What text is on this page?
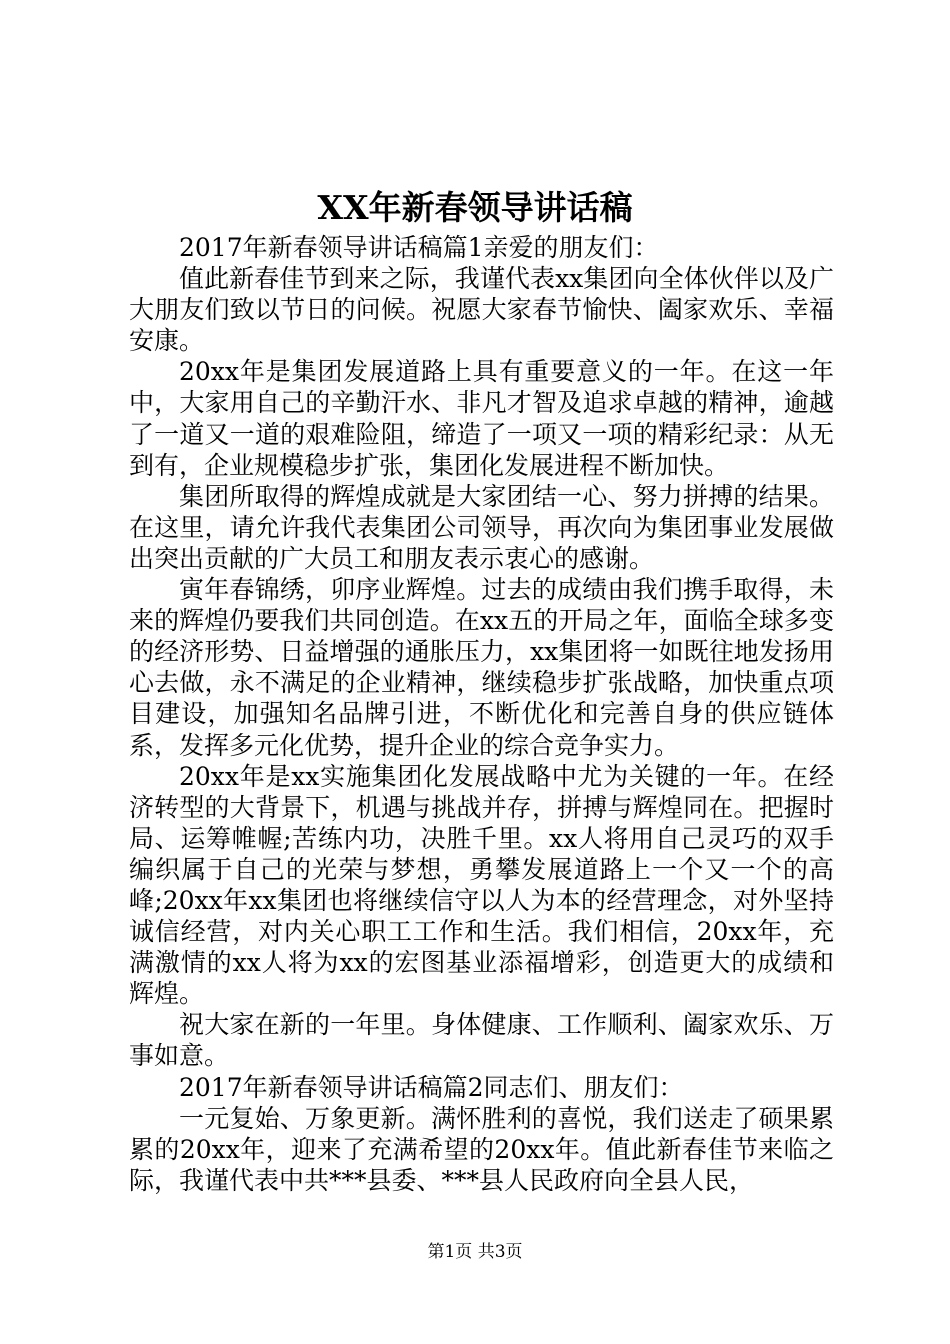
XX年新春领导讲话稿

2017年新春领导讲话稿篇1亲爱的朋友们：

值此新春佳节到来之际，我谨代表xx集团向全体伙伴以及广大朋友们致以节日的问候。祝愿大家春节愉快、阖家欢乐、幸福安康。

20xx年是集团发展道路上具有重要意义的一年。在这一年中，大家用自己的辛勤汗水、非凡才智及追求卓越的精神，逾越了一道又一道的艰难险阻，缔造了一项又一项的精彩纪录：从无到有，企业规模稳步扩张，集团化发展进程不断加快。

集团所取得的辉煌成就是大家团结一心、努力拼搏的结果。在这里，请允许我代表集团公司领导，再次向为集团事业发展做出突出贡献的广大员工和朋友表示衷心的感谢。

寅年春锦绣，卯序业辉煌。过去的成绩由我们携手取得，未来的辉煌仍要我们共同创造。在xx五的开局之年，面临全球多变的经济形势、日益增强的通胀压力，xx集团将一如既往地发扬用心去做，永不满足的企业精神，继续稳步扩张战略，加快重点项目建设，加强知名品牌引进，不断优化和完善自身的供应链体系，发挥多元化优势，提升企业的综合竞争实力。

20xx年是xx实施集团化发展战略中尤为关键的一年。在经济转型的大背景下，机遇与挑战并存，拼搏与辉煌同在。把握时局、运筹帷幄;苦练内功，决胜千里。xx人将用自己灵巧的双手编织属于自己的光荣与梦想，勇攀发展道路上一个又一个的高峰;20xx年xx集团也将继续信守以人为本的经营理念，对外坚持诚信经营，对内关心职工工作和生活。我们相信，20xx年，充满激情的xx人将为xx的宏图基业添福增彩，创造更大的成绩和辉煌。

祝大家在新的一年里。身体健康、工作顺利、阖家欢乐、万事如意。

2017年新春领导讲话稿篇2同志们、朋友们：

一元复始、万象更新。满怀胜利的喜悦，我们送走了硕果累累的20xx年，迎来了充满希望的20xx年。值此新春佳节来临之际，我谨代表中共***县委、***县人民政府向全县人民，

第1页 共3页
